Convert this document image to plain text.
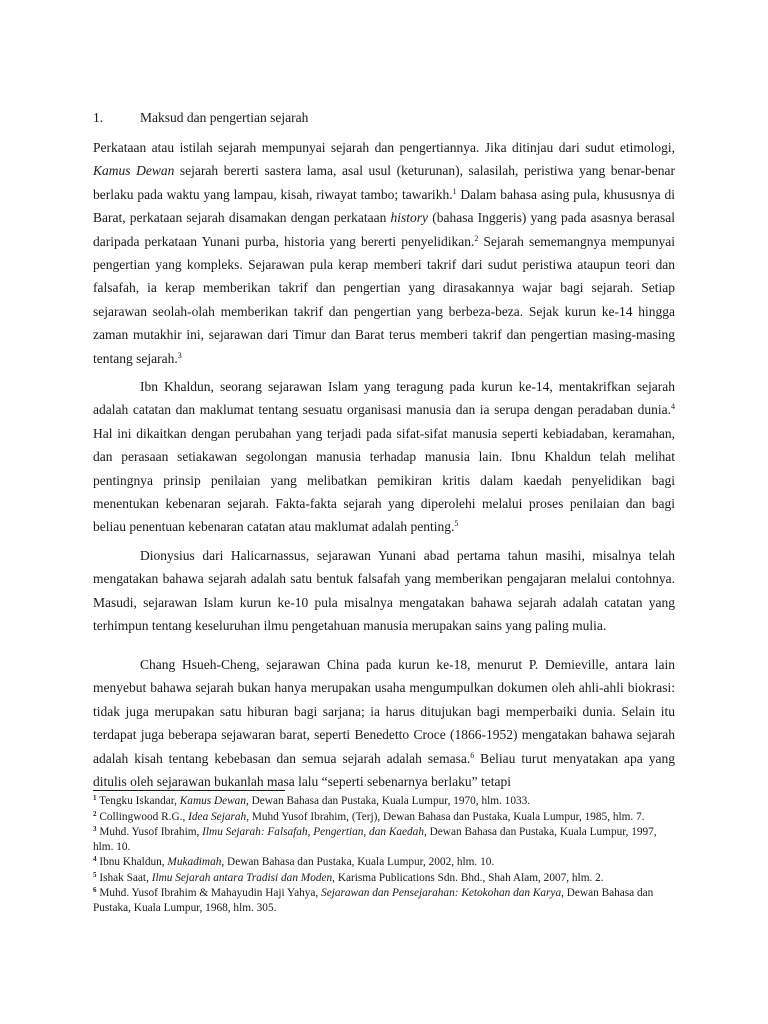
1.	Maksud dan pengertian sejarah

Perkataan atau istilah sejarah mempunyai sejarah dan pengertiannya. Jika ditinjau dari sudut etimologi, Kamus Dewan sejarah bererti sastera lama, asal usul (keturunan), salasilah, peristiwa yang benar-benar berlaku pada waktu yang lampau, kisah, riwayat tambo; tawarikh.$^1$ Dalam bahasa asing pula, khususnya di Barat, perkataan sejarah disamakan dengan perkataan history (bahasa Inggeris) yang pada asasnya berasal daripada perkataan Yunani purba, historia yang bererti penyelidikan.$^2$ Sejarah sememangnya mempunyai pengertian yang kompleks. Sejarawan pula kerap memberi takrif dari sudut peristiwa ataupun teori dan falsafah, ia kerap memberikan takrif dan pengertian yang dirasakannya wajar bagi sejarah. Setiap sejarawan seolah-olah memberikan takrif dan pengertian yang berbeza-beza. Sejak kurun ke-14 hingga zaman mutakhir ini, sejarawan dari Timur dan Barat terus memberi takrif dan pengertian masing-masing tentang sejarah.$^3$

Ibn Khaldun, seorang sejarawan Islam yang teragung pada kurun ke-14, mentakrifkan sejarah adalah catatan dan maklumat tentang sesuatu organisasi manusia dan ia serupa dengan peradaban dunia.$^4$ Hal ini dikaitkan dengan perubahan yang terjadi pada sifat-sifat manusia seperti kebiadaban, keramahan, dan perasaan setiakawan segolongan manusia terhadap manusia lain. Ibnu Khaldun telah melihat pentingnya prinsip penilaian yang melibatkan pemikiran kritis dalam kaedah penyelidikan bagi menentukan kebenaran sejarah. Fakta-fakta sejarah yang diperolehi melalui proses penilaian dan bagi beliau penentuan kebenaran catatan atau maklumat adalah penting.$^5$

Dionysius dari Halicarnassus, sejarawan Yunani abad pertama tahun masihi, misalnya telah mengatakan bahawa sejarah adalah satu bentuk falsafah yang memberikan pengajaran melalui contohnya. Masudi, sejarawan Islam kurun ke-10 pula misalnya mengatakan bahawa sejarah adalah catatan yang terhimpun tentang keseluruhan ilmu pengetahuan manusia merupakan sains yang paling mulia.

Chang Hsueh-Cheng, sejarawan China pada kurun ke-18, menurut P. Demieville, antara lain menyebut bahawa sejarah bukan hanya merupakan usaha mengumpulkan dokumen oleh ahli-ahli biokrasi: tidak juga merupakan satu hiburan bagi sarjana; ia harus ditujukan bagi memperbaiki dunia. Selain itu terdapat juga beberapa sejawaran barat, seperti Benedetto Croce (1866-1952) mengatakan bahawa sejarah adalah kisah tentang kebebasan dan semua sejarah adalah semasa.$^6$ Beliau turut menyatakan apa yang ditulis oleh sejarawan bukanlah masa lalu “seperti sebenarnya berlaku” tetapi

$^1$ Tengku Iskandar, Kamus Dewan, Dewan Bahasa dan Pustaka, Kuala Lumpur, 1970, hlm. 1033.
$^2$ Collingwood R.G., Idea Sejarah, Muhd Yusof Ibrahim, (Terj), Dewan Bahasa dan Pustaka, Kuala Lumpur, 1985, hlm. 7.
$^3$ Muhd. Yusof Ibrahim, Ilmu Sejarah: Falsafah, Pengertian, dan Kaedah, Dewan Bahasa dan Pustaka, Kuala Lumpur, 1997, hlm. 10.
$^4$ Ibnu Khaldun, Mukadimah, Dewan Bahasa dan Pustaka, Kuala Lumpur, 2002, hlm. 10.
$^5$ Ishak Saat, Ilmu Sejarah antara Tradisi dan Moden, Karisma Publications Sdn. Bhd., Shah Alam, 2007, hlm. 2.
$^6$ Muhd. Yusof Ibrahim & Mahayudin Haji Yahya, Sejarawan dan Pensejarahan: Ketokohan dan Karya, Dewan Bahasa dan Pustaka, Kuala Lumpur, 1968, hlm. 305.
